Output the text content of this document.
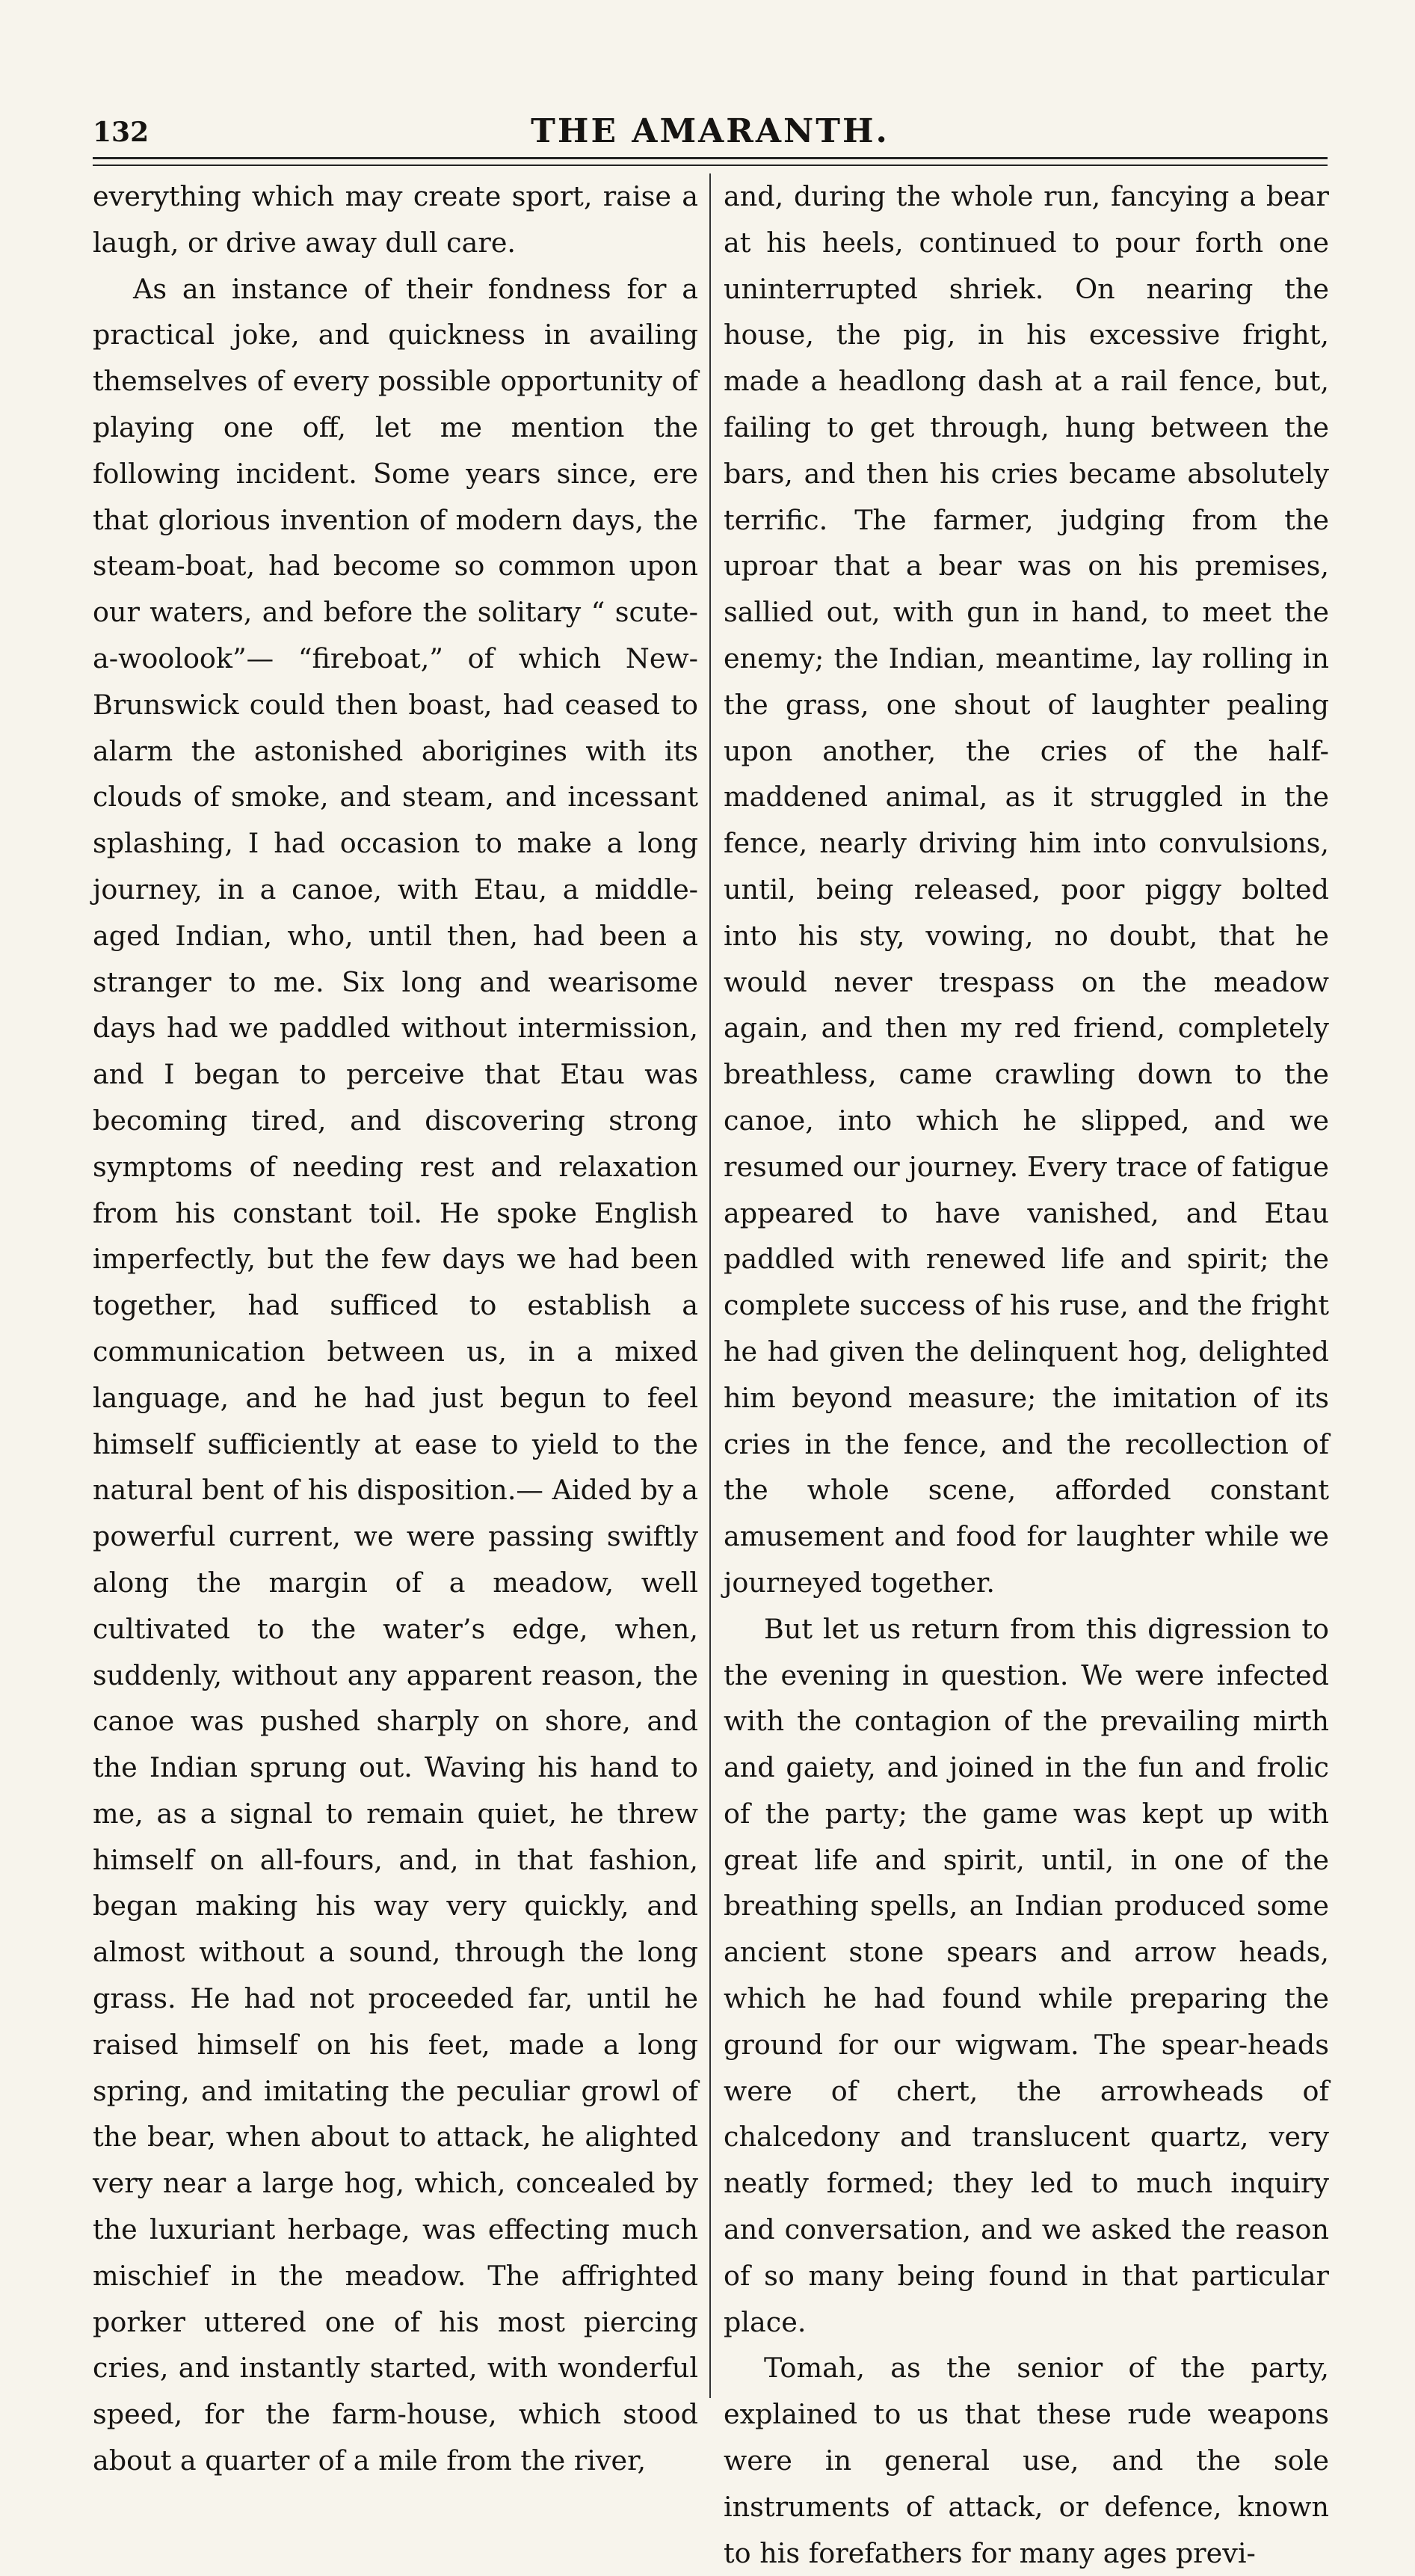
132	THE AMARANTH.

everything which may create sport, raise a laugh, or drive away dull care.

As an instance of their fondness for a practical joke, and quickness in availing themselves of every possible opportunity of playing one off, let me mention the following incident. Some years since, ere that glorious invention of modern days, the steam-boat, had become so common upon our waters, and before the solitary “ scute-a-woolook”— “fireboat,” of which New-Brunswick could then boast, had ceased to alarm the astonished aborigines with its clouds of smoke, and steam, and incessant splashing, I had occasion to make a long journey, in a canoe, with Etau, a middle-aged Indian, who, until then, had been a stranger to me. Six long and wearisome days had we paddled without intermission, and I began to perceive that Etau was becoming tired, and discovering strong symptoms of needing rest and relaxation from his constant toil. He spoke English imperfectly, but the few days we had been together, had sufficed to establish a communication between us, in a mixed language, and he had just begun to feel himself sufficiently at ease to yield to the natural bent of his disposition.— Aided by a powerful current, we were passing swiftly along the margin of a meadow, well cultivated to the water’s edge, when, suddenly, without any apparent reason, the canoe was pushed sharply on shore, and the Indian sprung out. Waving his hand to me, as a signal to remain quiet, he threw himself on all-fours, and, in that fashion, began making his way very quickly, and almost without a sound, through the long grass. He had not proceeded far, until he raised himself on his feet, made a long spring, and imitating the peculiar growl of the bear, when about to attack, he alighted very near a large hog, which, concealed by the luxuriant herbage, was effecting much mischief in the meadow. The affrighted porker uttered one of his most piercing cries, and instantly started, with wonderful speed, for the farm-house, which stood about a quarter of a mile from the river,

and, during the whole run, fancying a bear at his heels, continued to pour forth one uninterrupted shriek. On nearing the house, the pig, in his excessive fright, made a headlong dash at a rail fence, but, failing to get through, hung between the bars, and then his cries became absolutely terrific. The farmer, judging from the uproar that a bear was on his premises, sallied out, with gun in hand, to meet the enemy; the Indian, meantime, lay rolling in the grass, one shout of laughter pealing upon another, the cries of the half-maddened animal, as it struggled in the fence, nearly driving him into convulsions, until, being released, poor piggy bolted into his sty, vowing, no doubt, that he would never trespass on the meadow again, and then my red friend, completely breathless, came crawling down to the canoe, into which he slipped, and we resumed our journey. Every trace of fatigue appeared to have vanished, and Etau paddled with renewed life and spirit; the complete success of his ruse, and the fright he had given the delinquent hog, delighted him beyond measure; the imitation of its cries in the fence, and the recollection of the whole scene, afforded constant amusement and food for laughter while we journeyed together.

But let us return from this digression to the evening in question. We were infected with the contagion of the prevailing mirth and gaiety, and joined in the fun and frolic of the party; the game was kept up with great life and spirit, until, in one of the breathing spells, an Indian produced some ancient stone spears and arrow heads, which he had found while preparing the ground for our wigwam. The spear-heads were of chert, the arrowheads of chalcedony and translucent quartz, very neatly formed; they led to much inquiry and conversation, and we asked the reason of so many being found in that particular place.

Tomah, as the senior of the party, explained to us that these rude weapons were in general use, and the sole instruments of attack, or defence, known to his forefathers for many ages previ-
